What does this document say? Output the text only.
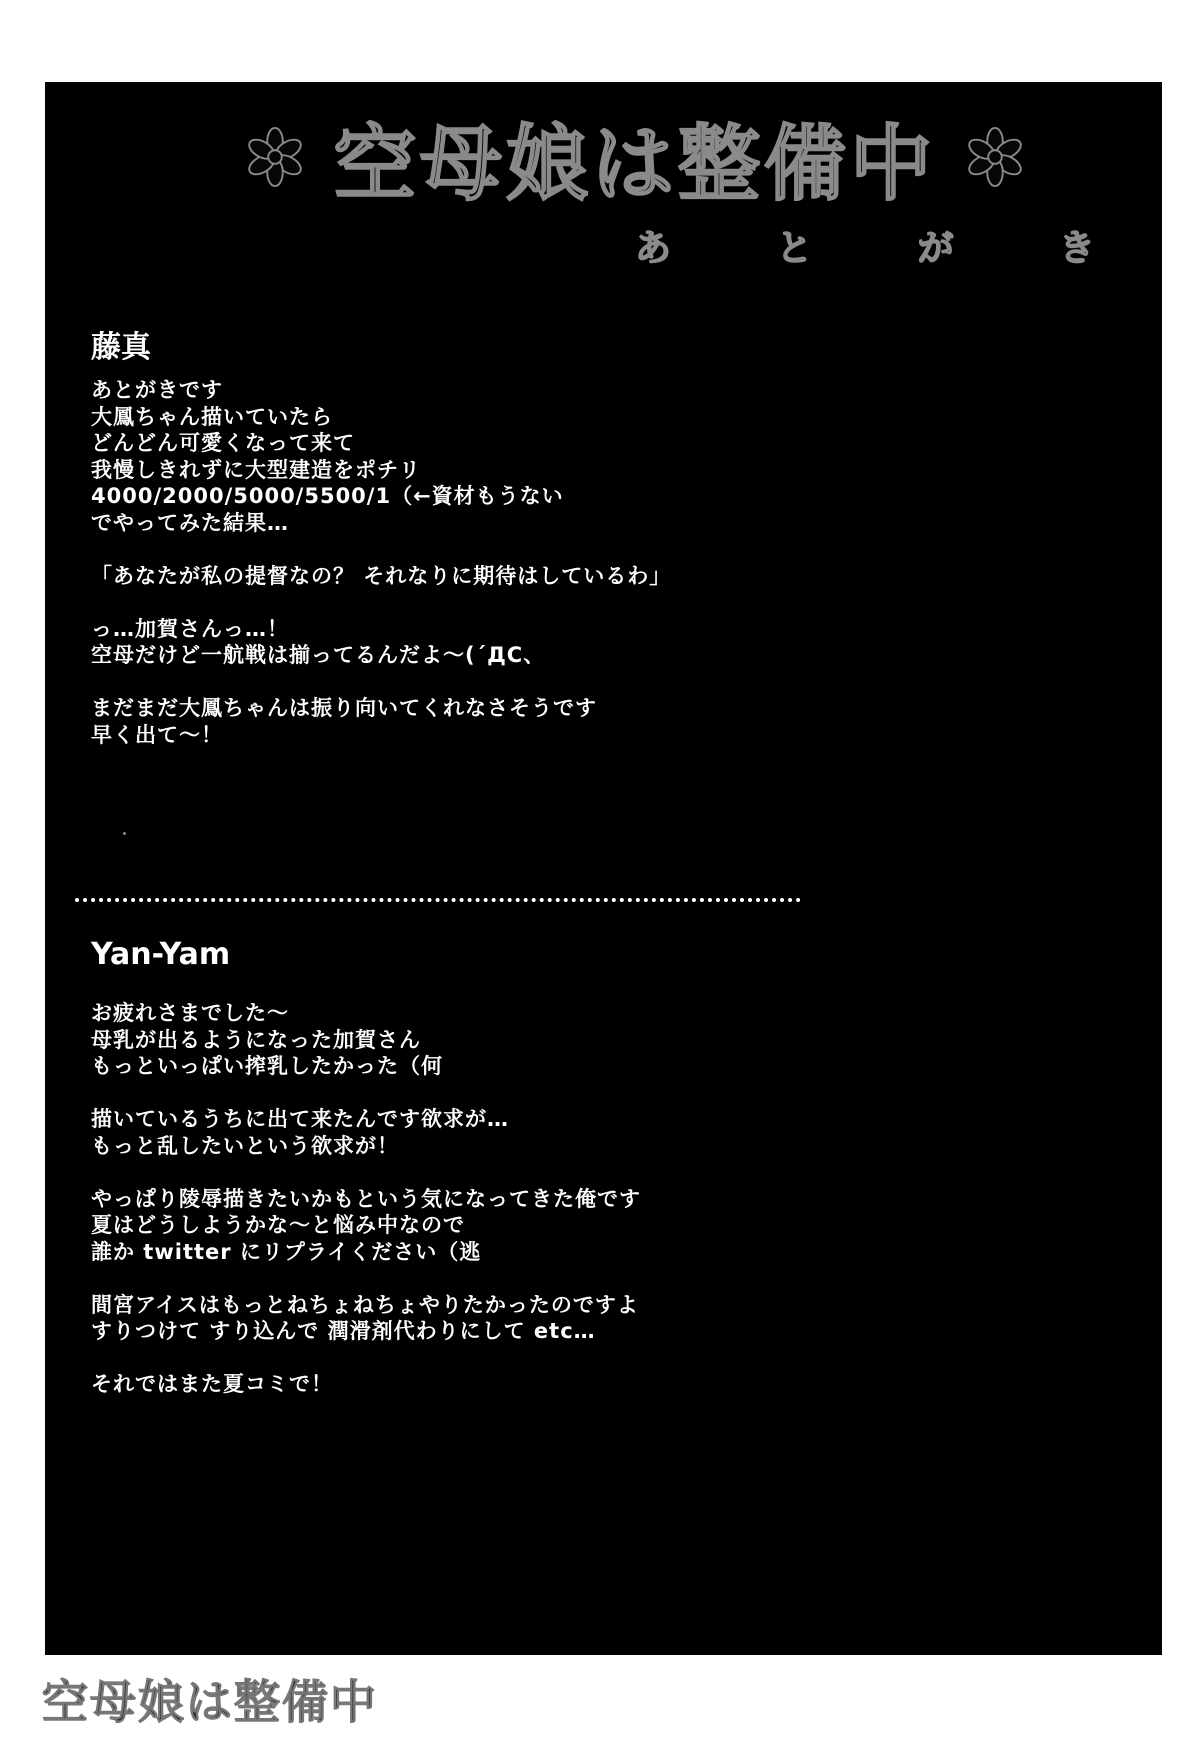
空母娘は整備中
あ	と	が	き
藤真
あとがきです
大鳳ちゃん描いていたら
どんどん可愛くなって来て
我慢しきれずに大型建造をポチリ
4000/2000/5000/5500/1（←資材もうない
でやってみた結果…

「あなたが私の提督なの？ それなりに期待はしているわ」

っ…加賀さんっ…！
空母だけど一航戦は揃ってるんだよ～(´ДC、

まだまだ大鳳ちゃんは振り向いてくれなさそうです
早く出て～！
Yan-Yam
お疲れさまでした～
母乳が出るようになった加賀さん
もっといっぱい搾乳したかった（何

描いているうちに出て来たんです欲求が…
もっと乱したいという欲求が！

やっぱり陵辱描きたいかもという気になってきた俺です
夏はどうしようかな～と悩み中なので
誰か twitter にリプライください（逃

間宮アイスはもっとねちょねちょやりたかったのですよ
すりつけて すり込んで 潤滑剤代わりにして etc…

それではまた夏コミで！
空母娘は整備中
